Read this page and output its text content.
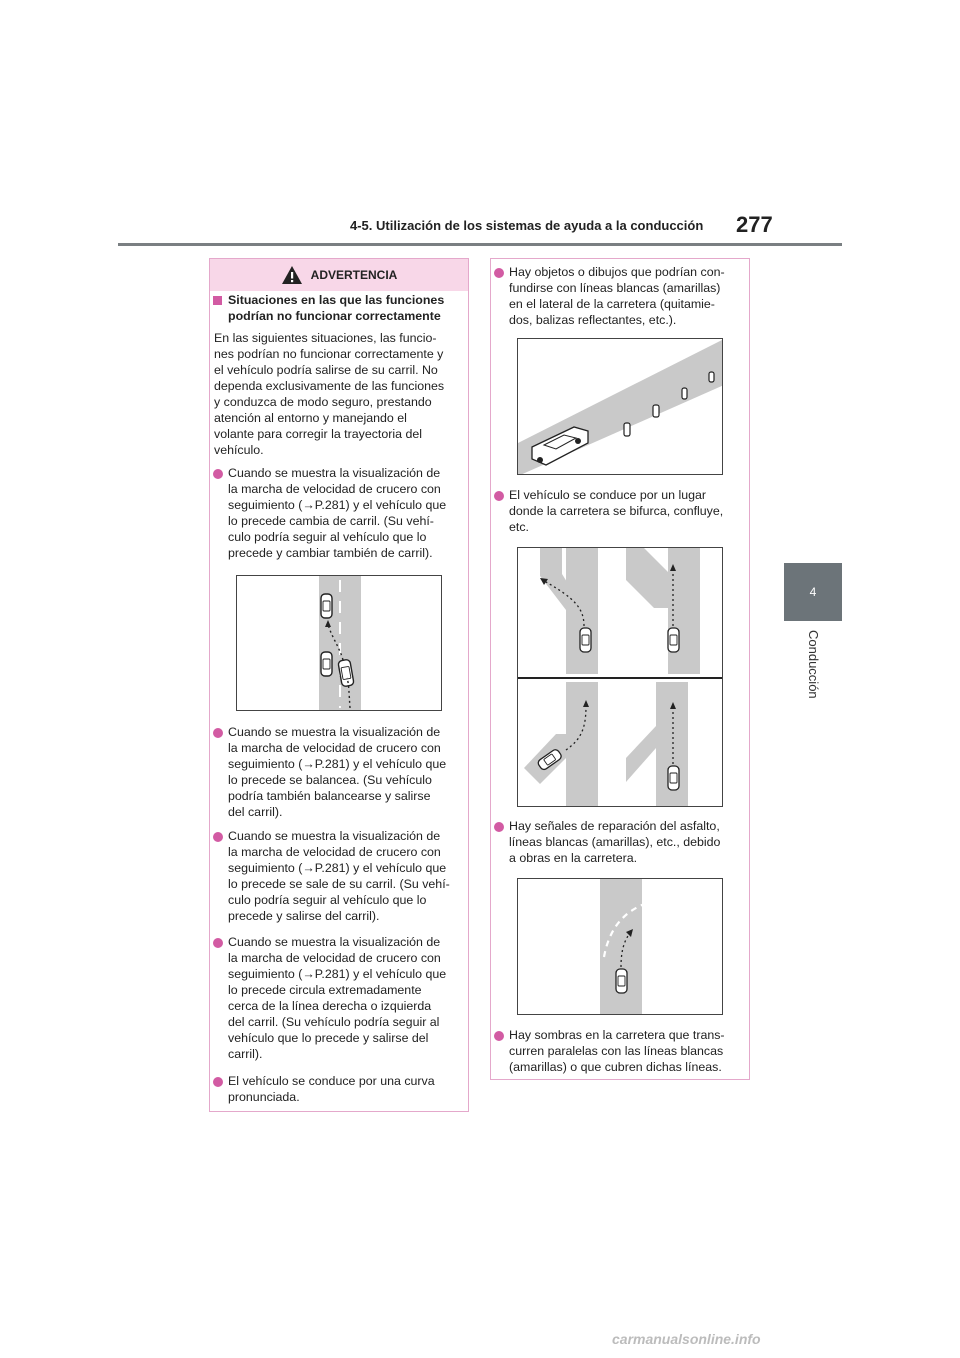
4-5. Utilización de los sistemas de ayuda a la conducción 277
4
Conducción
ADVERTENCIA
Situaciones en las que las funciones
podrían no funcionar correctamente
En las siguientes situaciones, las funcio-
nes podrían no funcionar correctamente y
el vehículo podría salirse de su carril. No
dependa exclusivamente de las funciones
y conduzca de modo seguro, prestando
atención al entorno y manejando el
volante para corregir la trayectoria del
vehículo.
Cuando se muestra la visualización de
la marcha de velocidad de crucero con
seguimiento (→P.281) y el vehículo que
lo precede cambia de carril. (Su vehí-
culo podría seguir al vehículo que lo
precede y cambiar también de carril).
Cuando se muestra la visualización de
la marcha de velocidad de crucero con
seguimiento (→P.281) y el vehículo que
lo precede se balancea. (Su vehículo
podría también balancearse y salirse
del carril).
Cuando se muestra la visualización de
la marcha de velocidad de crucero con
seguimiento (→P.281) y el vehículo que
lo precede se sale de su carril. (Su vehí-
culo podría seguir al vehículo que lo
precede y salirse del carril).
Cuando se muestra la visualización de
la marcha de velocidad de crucero con
seguimiento (→P.281) y el vehículo que
lo precede circula extremadamente
cerca de la línea derecha o izquierda
del carril. (Su vehículo podría seguir al
vehículo que lo precede y salirse del
carril).
El vehículo se conduce por una curva
pronunciada.
Hay objetos o dibujos que podrían con-
fundirse con líneas blancas (amarillas)
en el lateral de la carretera (quitamie-
dos, balizas reflectantes, etc.).
El vehículo se conduce por un lugar
donde la carretera se bifurca, confluye,
etc.
Hay señales de reparación del asfalto,
líneas blancas (amarillas), etc., debido
a obras en la carretera.
Hay sombras en la carretera que trans-
curren paralelas con las líneas blancas
(amarillas) o que cubren dichas líneas.
carmanualsonline.info
